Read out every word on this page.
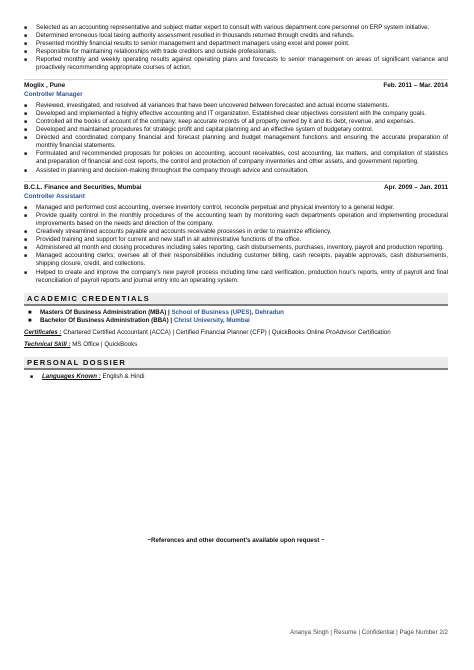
■ Selected as an accounting representative and subject matter expert to consult with various department core personnel on ERP system initiative.
■ Determined erroneous local taxing authority assessment resulted in thousands returned through credits and refunds.
■ Presented monthly financial results to senior management and department managers using excel and power point.
■ Responsible for maintaining relationships with trade creditors and outside professionals.
■ Reported monthly and weekly operating results against operating plans and forecasts to senior management on areas of significant variance and proactively recommending appropriate courses of action.
Moglix , Pune	Feb. 2011 – Mar. 2014
Controller Manager
■ Reviewed, investigated, and resolved all variances that have been uncovered between forecasted and actual income statements.
■ Developed and implemented a highly effective accounting and IT organization. Established clear objectives consistent with the company goals.
■ Controlled all the books of account of the company; keep accurate records of all property owned by it and its debt, revenue, and expenses.
■ Developed and maintained procedures for strategic profit and capital planning and an effective system of budgetary control.
■ Directed and coordinated company financial and forecast planning and budget management functions and ensuring the accurate preparation of monthly financial statements.
■ Formulated and recommended proposals for policies on accounting, account receivables, cost accounting, tax matters, and compilation of statistics and preparation of financial and cost reports, the control and protection of company inventories and other assets, and government reporting.
■ Assisted in planning and decision-making throughout the company through advice and consultation.
B.C.L. Finance and Securities, Mumbai	Apr. 2009 – Jan. 2011
Controller Assistant
■ Managed and performed cost accounting, oversee inventory control, reconcile perpetual and physical inventory to a general ledger.
■ Provide quality control in the monthly procedures of the accounting team by monitoring each departments operation and implementing procedural improvements based on the needs and direction of the company.
■ Creatively streamlined accounts payable and accounts receivable processes in order to maximize efficiency.
■ Provided training and support for current and new staff in all administrative functions of the office.
■ Administered all month end closing procedures including sales reporting, cash disbursements, purchases, inventory, payroll and production reporting.
■ Managed accounting clerks; oversee all of their responsibilities including customer billing, cash receipts, payable approvals, cash disbursements, shipping closure, credit, and collections.
■ Helped to create and improve the company's new payroll process including time card verification, production hour's reports, entry of payroll and final reconciliation of payroll reports and journal entry into an operating system.
ACADEMIC CREDENTIALS
■ Masters Of Business Administration (MBA) | School of Business (UPES), Dehradun
■ Bachelor Of Business Administration (BBA) | Christ University, Mumbai
Certificates : Chartered Certified Accountant (ACCA) | Certified Financial Planner (CFP) | QuickBooks Online ProAdvisor Certification
Technical Skill : MS Office | QuickBooks
PERSONAL DOSSIER
■ Languages Known : English & Hindi
~References and other document's available upon request ~
Ananya Singh | Resume | Confidential | Page Number 2/2
